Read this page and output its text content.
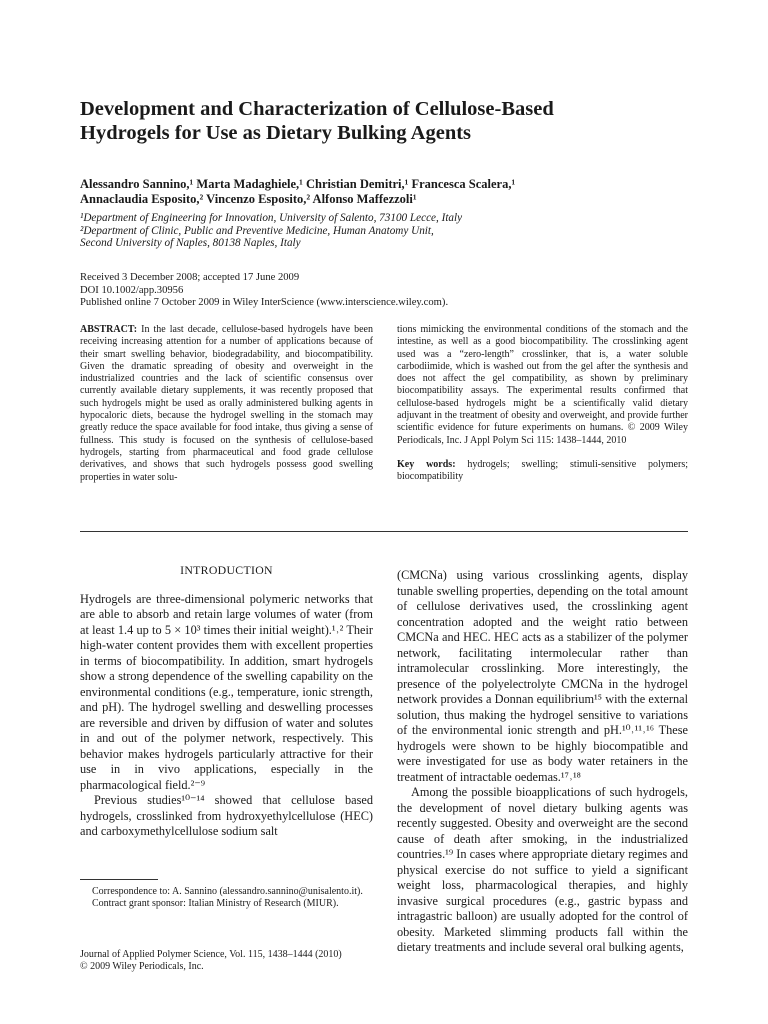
Development and Characterization of Cellulose-Based
Hydrogels for Use as Dietary Bulking Agents
Alessandro Sannino,¹ Marta Madaghiele,¹ Christian Demitri,¹ Francesca Scalera,¹
Annaclaudia Esposito,² Vincenzo Esposito,² Alfonso Maffezzoli¹
¹Department of Engineering for Innovation, University of Salento, 73100 Lecce, Italy
²Department of Clinic, Public and Preventive Medicine, Human Anatomy Unit,
Second University of Naples, 80138 Naples, Italy
Received 3 December 2008; accepted 17 June 2009
DOI 10.1002/app.30956
Published online 7 October 2009 in Wiley InterScience (www.interscience.wiley.com).
ABSTRACT: In the last decade, cellulose-based hydrogels have been receiving increasing attention for a number of applications because of their smart swelling behavior, biodegradability, and biocompatibility. Given the dramatic spreading of obesity and overweight in the industrialized countries and the lack of scientific consensus over currently available dietary supplements, it was recently proposed that such hydrogels might be used as orally administered bulking agents in hypocaloric diets, because the hydrogel swelling in the stomach may greatly reduce the space available for food intake, thus giving a sense of fullness. This study is focused on the synthesis of cellulose-based hydrogels, starting from pharmaceutical and food grade cellulose derivatives, and shows that such hydrogels possess good swelling properties in water solu-
tions mimicking the environmental conditions of the stomach and the intestine, as well as a good biocompatibility. The crosslinking agent used was a “zero-length” crosslinker, that is, a water soluble carbodiimide, which is washed out from the gel after the synthesis and does not affect the gel compatibility, as shown by preliminary biocompatibility assays. The experimental results confirmed that cellulose-based hydrogels might be a scientifically valid dietary adjuvant in the treatment of obesity and overweight, and provide further scientific evidence for future experiments on humans. © 2009 Wiley Periodicals, Inc. J Appl Polym Sci 115: 1438–1444, 2010
Key words: hydrogels; swelling; stimuli-sensitive polymers; biocompatibility
INTRODUCTION

Hydrogels are three-dimensional polymeric networks that are able to absorb and retain large volumes of water (from at least 1.4 up to 5 × 10³ times their initial weight).¹˒² Their high-water content provides them with excellent properties in terms of biocompatibility. In addition, smart hydrogels show a strong dependence of the swelling capability on the environmental conditions (e.g., temperature, ionic strength, and pH). The hydrogel swelling and deswelling processes are reversible and driven by diffusion of water and solutes in and out of the polymer network, respectively. This behavior makes hydrogels particularly attractive for their use in in vivo applications, especially in the pharmacological field.²⁻⁹

Previous studies¹⁰⁻¹⁴ showed that cellulose based hydrogels, crosslinked from hydroxyethylcellulose (HEC) and carboxymethylcellulose sodium salt

(CMCNa) using various crosslinking agents, display tunable swelling properties, depending on the total amount of cellulose derivatives used, the crosslinking agent concentration adopted and the weight ratio between CMCNa and HEC. HEC acts as a stabilizer of the polymer network, facilitating intermolecular rather than intramolecular crosslinking. More interestingly, the presence of the polyelectrolyte CMCNa in the hydrogel network provides a Donnan equilibrium¹⁵ with the external solution, thus making the hydrogel sensitive to variations of the environmental ionic strength and pH.¹⁰˒¹¹˒¹⁶ These hydrogels were shown to be highly biocompatible and were investigated for use as body water retainers in the treatment of intractable oedemas.¹⁷˒¹⁸

Among the possible bioapplications of such hydrogels, the development of novel dietary bulking agents was recently suggested. Obesity and overweight are the second cause of death after smoking, in the industrialized countries.¹⁹ In cases where appropriate dietary regimes and physical exercise do not suffice to yield a significant weight loss, pharmacological therapies, and highly invasive surgical procedures (e.g., gastric bypass and intragastric balloon) are usually adopted for the control of obesity. Marketed slimming products fall within the dietary treatments and include several oral bulking agents,

Correspondence to: A. Sannino (alessandro.sannino@unisalento.it).

Contract grant sponsor: Italian Ministry of Research (MIUR).

Journal of Applied Polymer Science, Vol. 115, 1438–1444 (2010)
© 2009 Wiley Periodicals, Inc.
